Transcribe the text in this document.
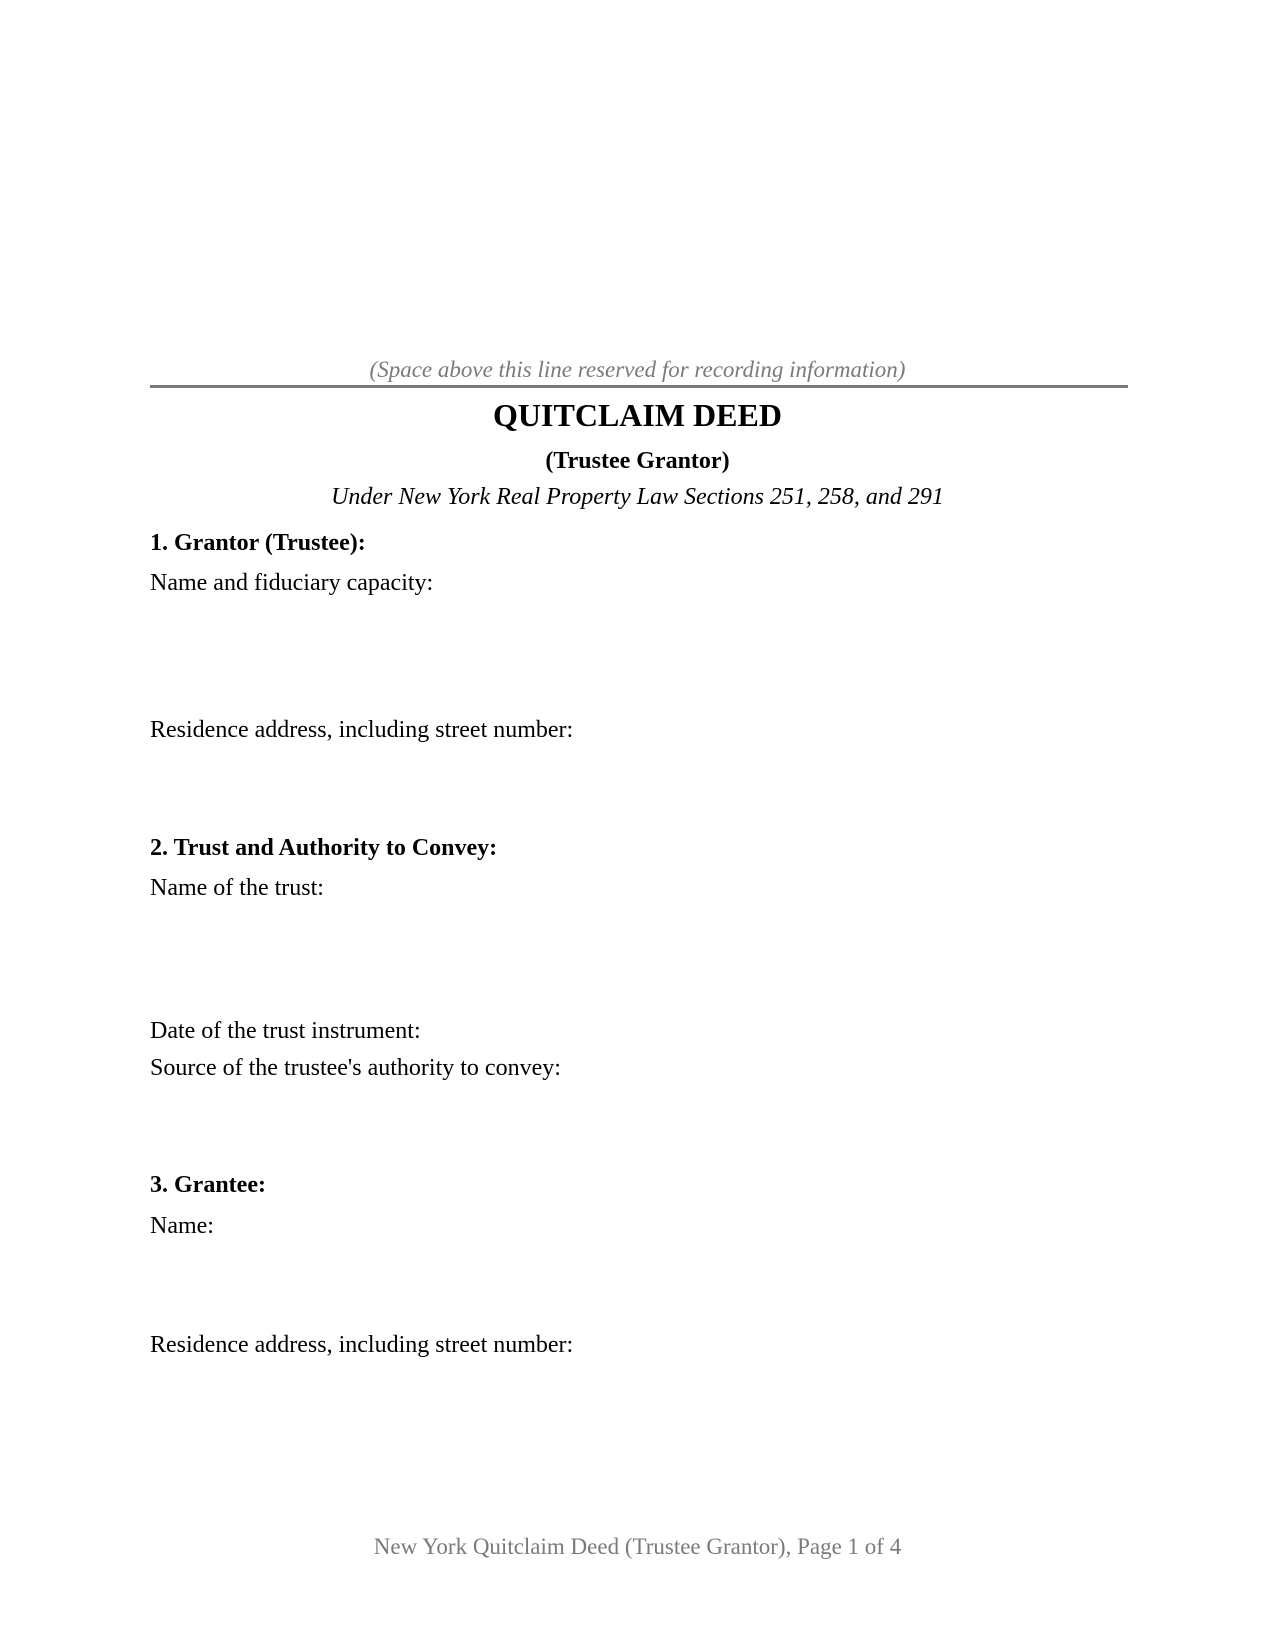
(Space above this line reserved for recording information)
QUITCLAIM DEED
(Trustee Grantor)
Under New York Real Property Law Sections 251, 258, and 291
1. Grantor (Trustee):
Name and fiduciary capacity:
Residence address, including street number:
2. Trust and Authority to Convey:
Name of the trust:
Date of the trust instrument:
Source of the trustee's authority to convey:
3. Grantee:
Name:
Residence address, including street number:
New York Quitclaim Deed (Trustee Grantor), Page 1 of 4
